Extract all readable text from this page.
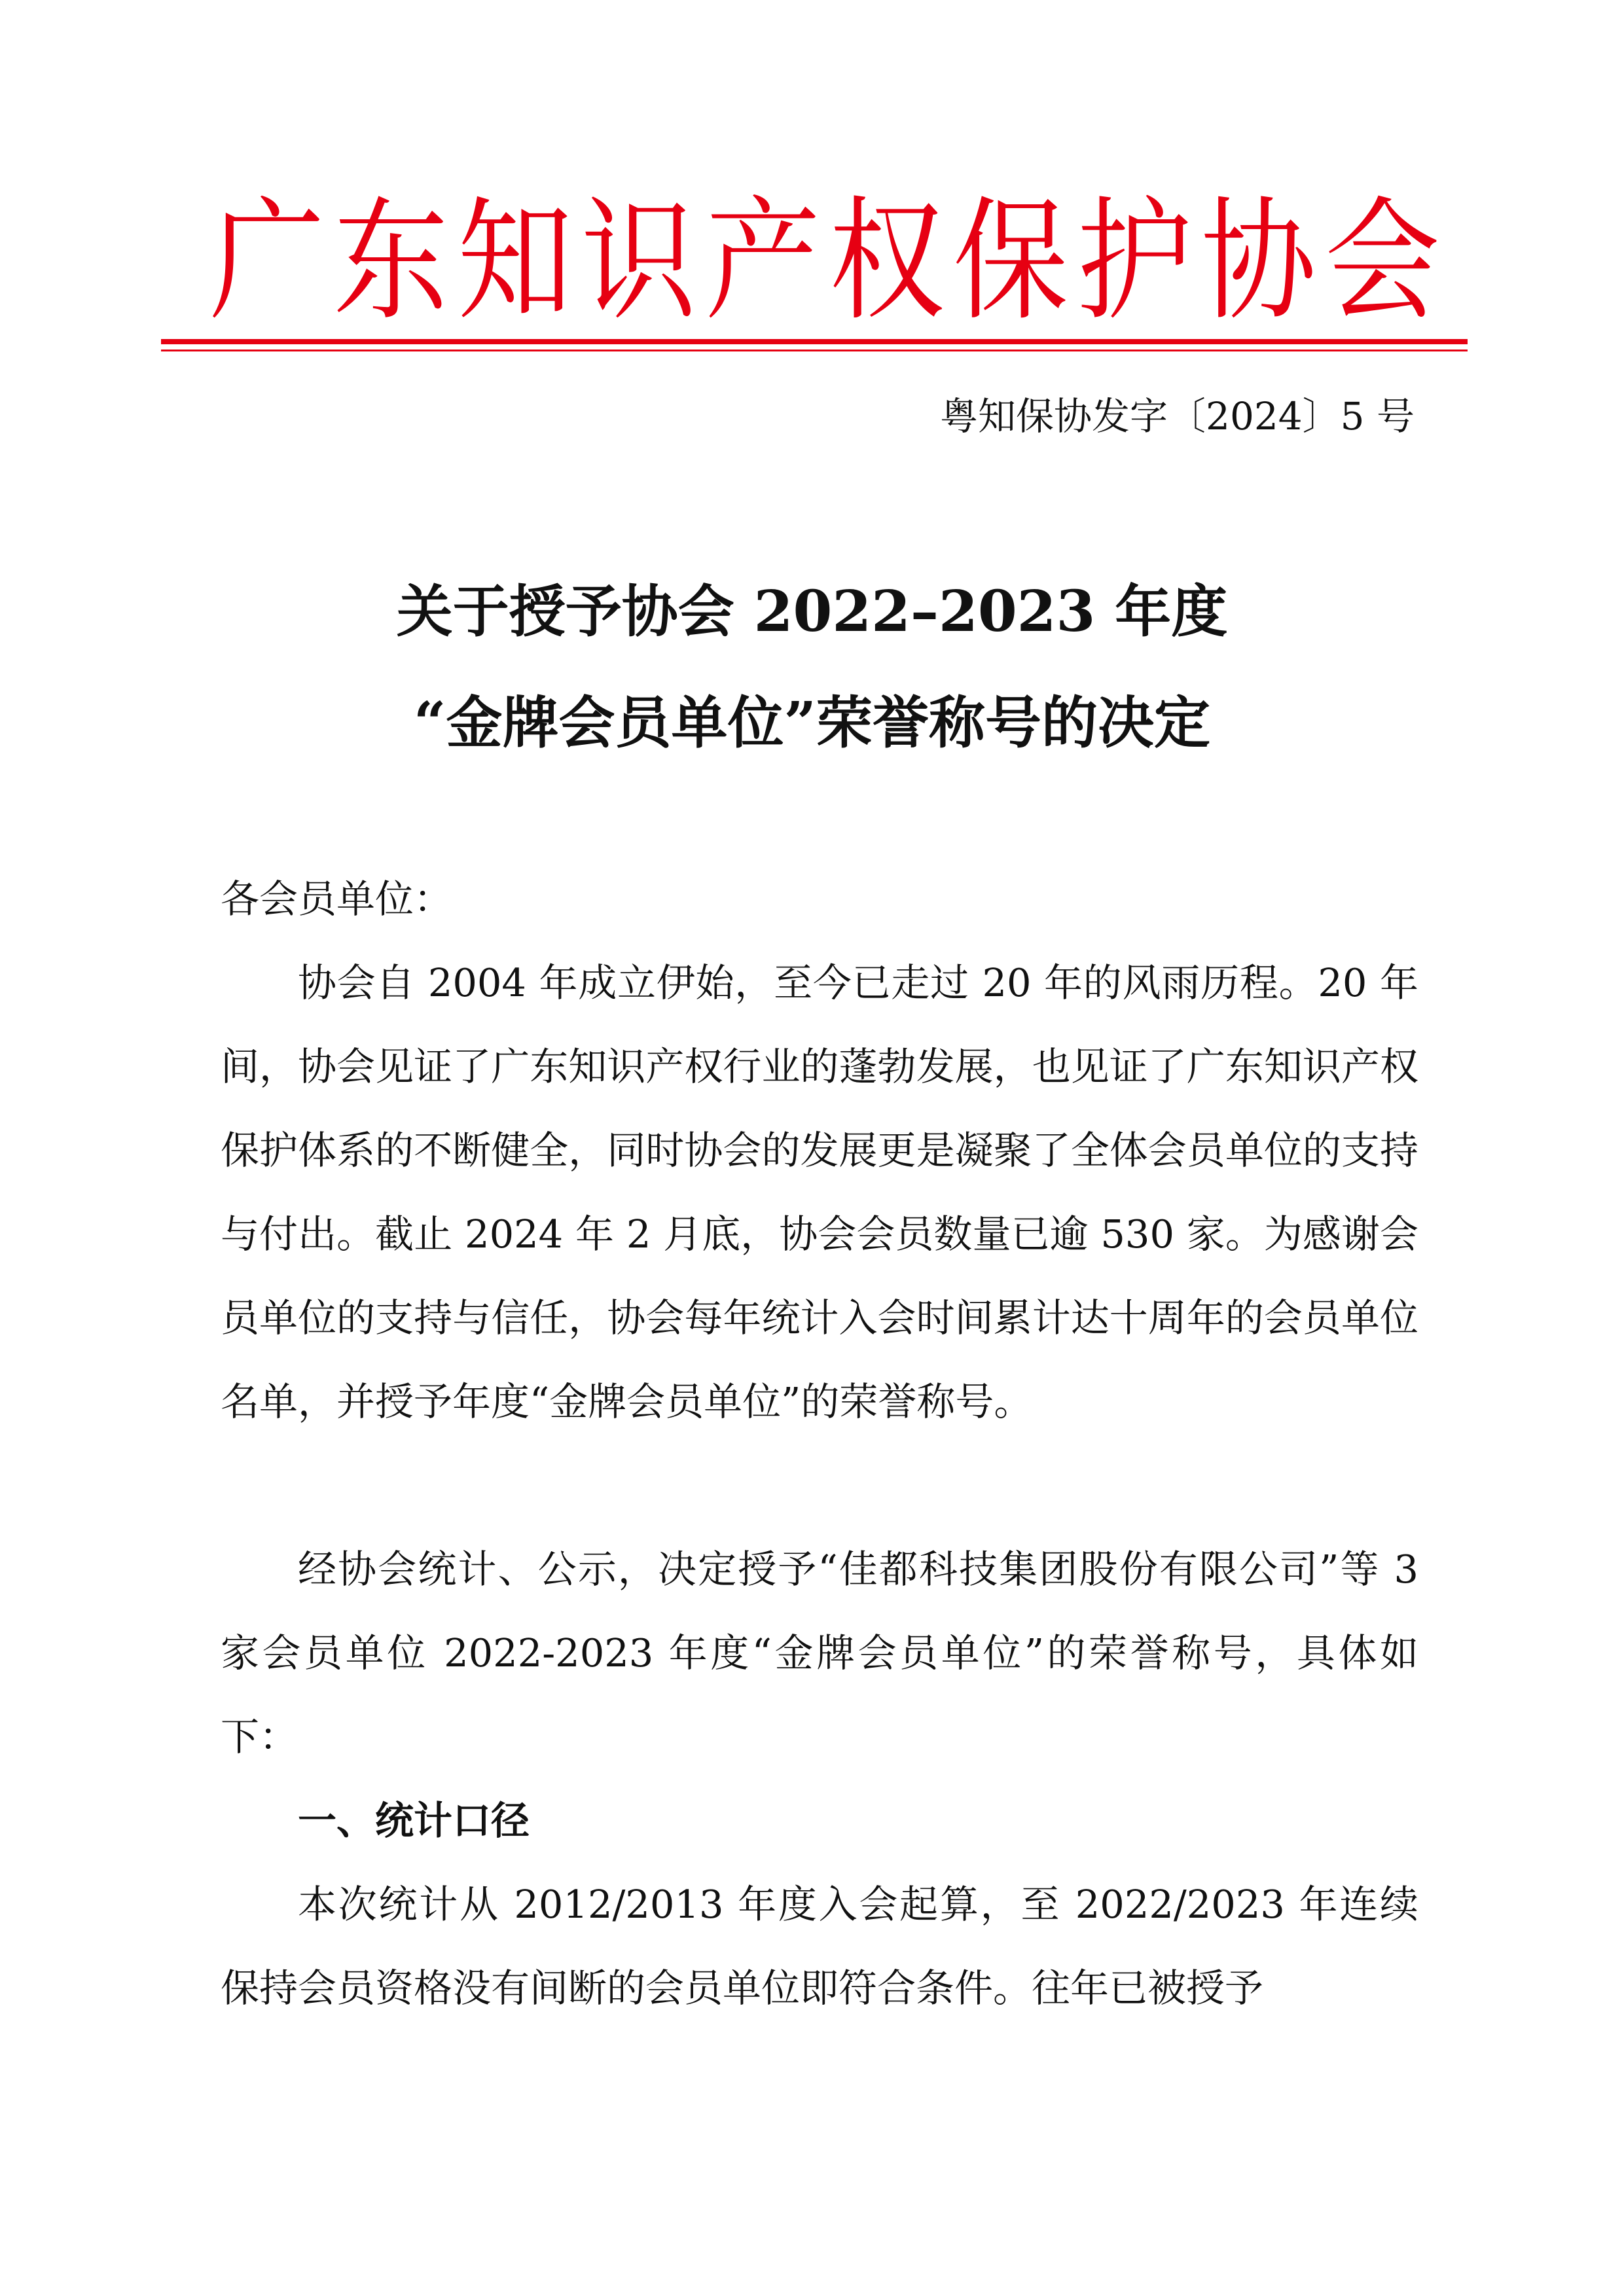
广 东 知 识 产 权 保 护 协 会
粤知保协发字〔2024〕5 号
关于授予协会 2022–2023 年度
“金牌会员单位”荣誉称号的决定

各会员单位：

协会自 2004 年成立伊始，至今已走过 20 年的风雨历程。20 年间，协会见证了广东知识产权行业的蓬勃发展，也见证了广东知识产权保护体系的不断健全，同时协会的发展更是凝聚了全体会员单位的支持与付出。截止 2024 年 2 月底，协会会员数量已逾 530 家。为感谢会员单位的支持与信任，协会每年统计入会时间累计达十周年的会员单位名单，并授予年度“金牌会员单位”的荣誉称号。

经协会统计、公示，决定授予“佳都科技集团股份有限公司”等 3 家会员单位 2022-2023 年度“金牌会员单位”的荣誉称号，具体如下：

一、统计口径

本次统计从 2012/2013 年度入会起算，至 2022/2023 年连续保持会员资格没有间断的会员单位即符合条件。往年已被授予
